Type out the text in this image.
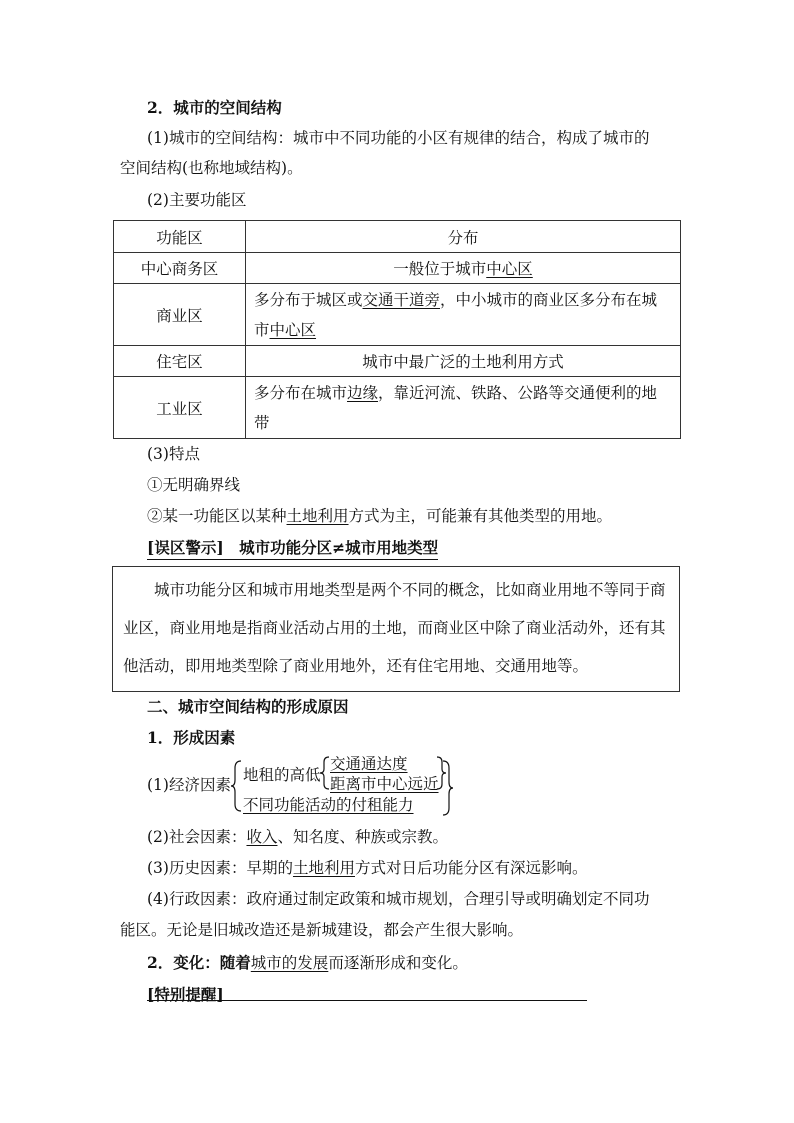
2．城市的空间结构
(1)城市的空间结构：城市中不同功能的小区有规律的结合，构成了城市的
空间结构(也称地域结构)。
(2)主要功能区
功能区	分布
中心商务区	一般位于城市中心区
商业区	多分布于城区或交通干道旁，中小城市的商业区多分布在城市中心区
住宅区	城市中最广泛的土地利用方式
工业区	多分布在城市边缘，靠近河流、铁路、公路等交通便利的地带
(3)特点
①无明确界线
②某一功能区以某种土地利用方式为主，可能兼有其他类型的用地。
[误区警示]　城市功能分区≠城市用地类型

城市功能分区和城市用地类型是两个不同的概念，比如商业用地不等同于商业区，商业用地是指商业活动占用的土地，而商业区中除了商业活动外，还有其他活动，即用地类型除了商业用地外，还有住宅用地、交通用地等。

二、城市空间结构的形成原因
1．形成因素
(1)经济因素
地租的高低
交通通达度
距离市中心远近
不同功能活动的付租能力
(2)社会因素：收入、知名度、种族或宗教。
(3)历史因素：早期的土地利用方式对日后功能分区有深远影响。
(4)行政因素：政府通过制定政策和城市规划，合理引导或明确划定不同功
能区。无论是旧城改造还是新城建设，都会产生很大影响。
2．变化：随着城市的发展而逐渐形成和变化。
[特别提醒]
